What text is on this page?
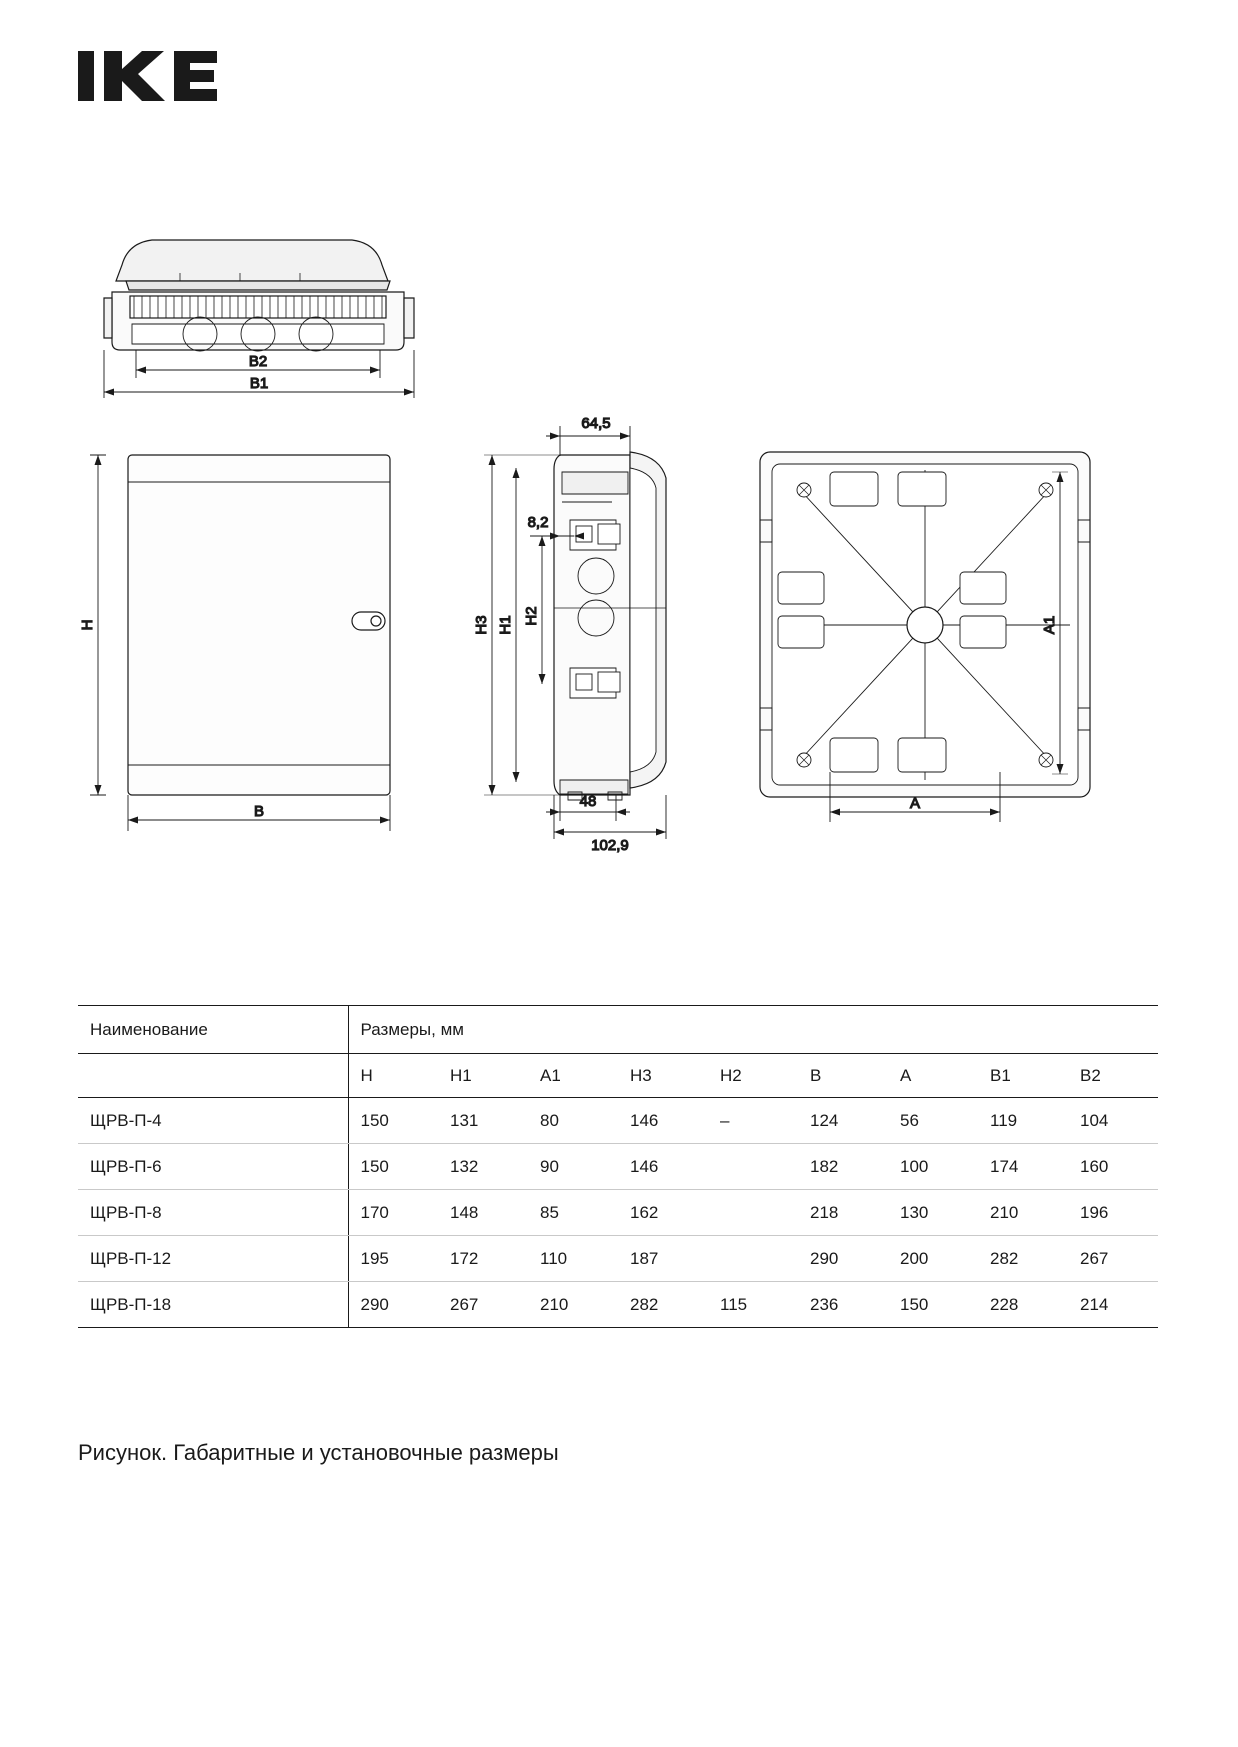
B2
B1
H
B
64,5
8,2
H3 H1 H2
48
102,9
A1
A
Наименование	Размеры, мм								
	H	H1	A1	H3	H2	B	A	B1	B2
ЩРВ-П-4	150	131	80	146	–	124	56	119	104
ЩРВ-П-6	150	132	90	146		182	100	174	160
ЩРВ-П-8	170	148	85	162		218	130	210	196
ЩРВ-П-12	195	172	110	187		290	200	282	267
ЩРВ-П-18	290	267	210	282	115	236	150	228	214
Рисунок. Габаритные и установочные размеры
